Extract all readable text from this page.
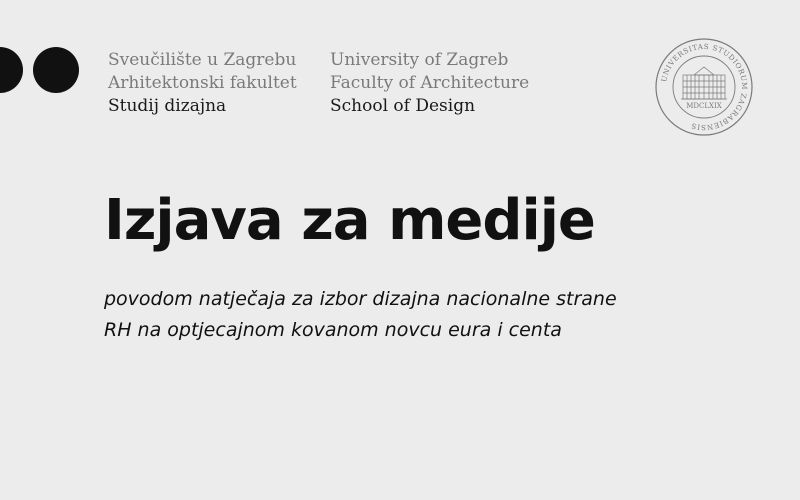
Sveučilište u Zagrebu
Arhitektonski fakultet
Studij dizajna
University of Zagreb
Faculty of Architecture
School of Design
UNIVERSITAS STUDIORUM ZAGRABIENSIS
MDCLXIX
Izjava za medije
povodom natječaja za izbor dizajna nacionalne strane
RH na optjecajnom kovanom novcu eura i centa
